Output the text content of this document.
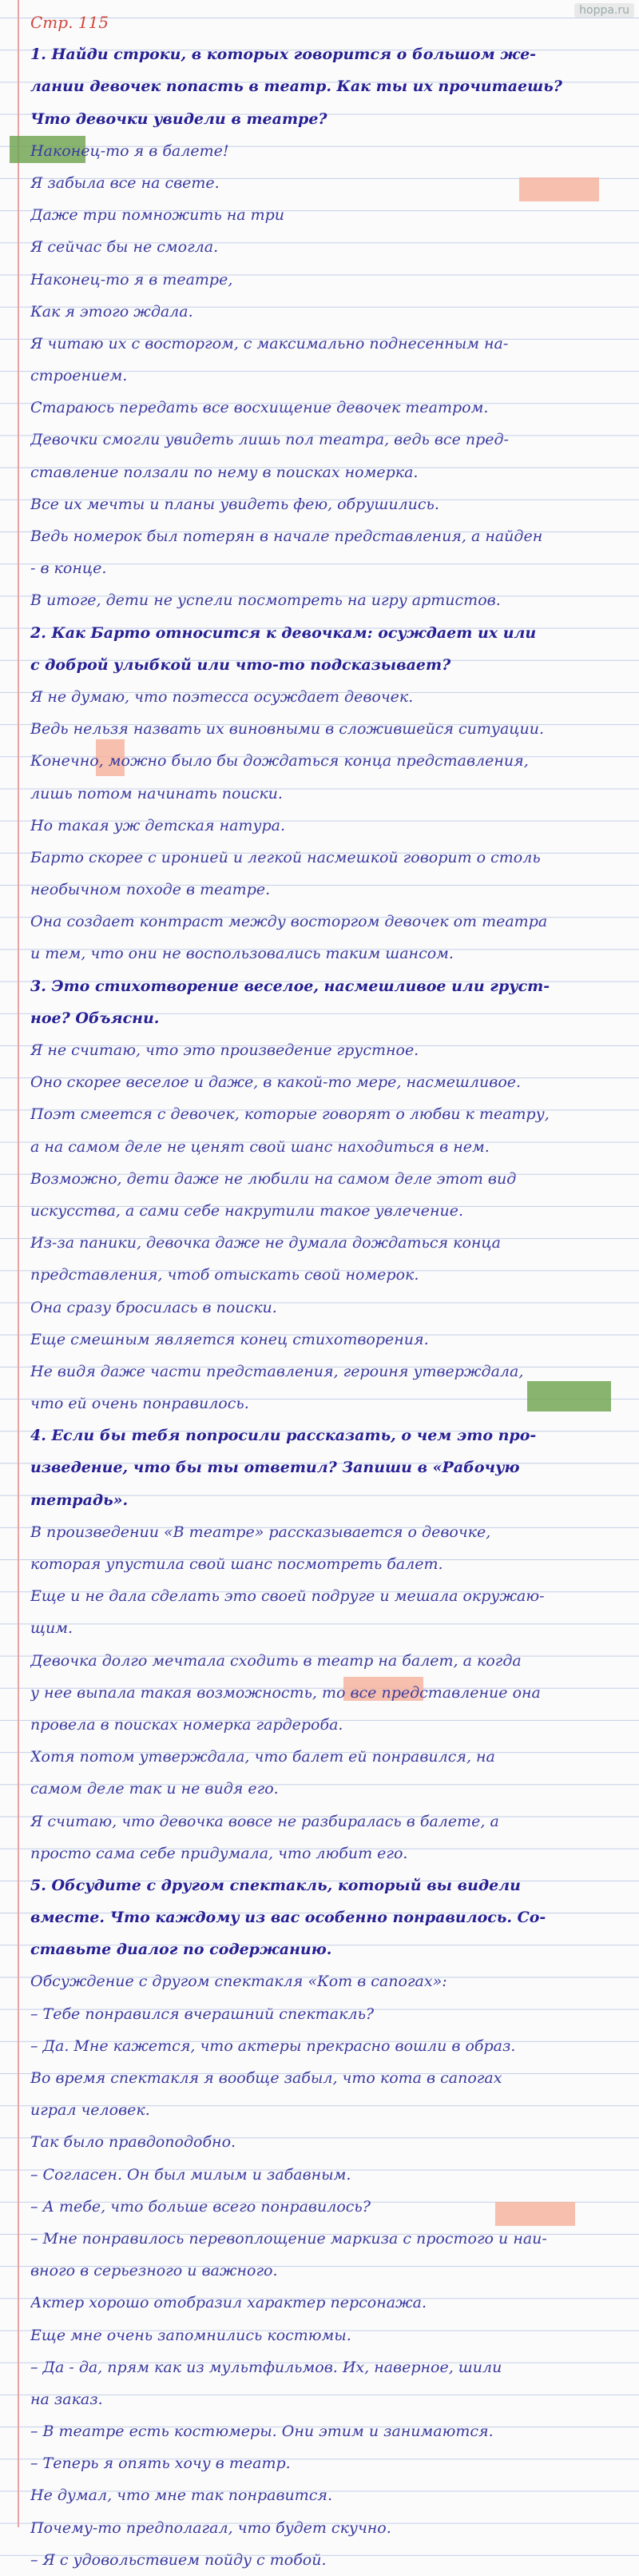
hoppa.ru
Стр. 115
1. Найди строки, в которых говорится о большом же-
лании девочек попасть в театр. Как ты их прочитаешь?
Что девочки увидели в театре?
Наконец-то я в балете!
Я забыла все на свете.
Даже три помножить на три
Я сейчас бы не смогла.
Наконец-то я в театре,
Как я этого ждала.
Я читаю их с восторгом, с максимально поднесенным на-
строением.
Стараюсь передать все восхищение девочек театром.
Девочки смогли увидеть лишь пол театра, ведь все пред-
ставление ползали по нему в поисках номерка.
Все их мечты и планы увидеть фею, обрушились.
Ведь номерок был потерян в начале представления, а найден
- в конце.
В итоге, дети не успели посмотреть на игру артистов.
2. Как Барто относится к девочкам: осуждает их или
с доброй улыбкой или что-то подсказывает?
Я не думаю, что поэтесса осуждает девочек.
Ведь нельзя назвать их виновными в сложившейся ситуации.
Конечно, можно было бы дождаться конца представления,
лишь потом начинать поиски.
Но такая уж детская натура.
Барто скорее с иронией и легкой насмешкой говорит о столь
необычном походе в театре.
Она создает контраст между восторгом девочек от театра
и тем, что они не воспользовались таким шансом.
3. Это стихотворение веселое, насмешливое или груст-
ное? Объясни.
Я не считаю, что это произведение грустное.
Оно скорее веселое и даже, в какой-то мере, насмешливое.
Поэт смеется с девочек, которые говорят о любви к театру,
а на самом деле не ценят свой шанс находиться в нем.
Возможно, дети даже не любили на самом деле этот вид
искусства, а сами себе накрутили такое увлечение.
Из-за паники, девочка даже не думала дождаться конца
представления, чтоб отыскать свой номерок.
Она сразу бросилась в поиски.
Еще смешным является конец стихотворения.
Не видя даже части представления, героиня утверждала,
что ей очень понравилось.
4. Если бы тебя попросили рассказать, о чем это про-
изведение, что бы ты ответил? Запиши в «Рабочую
тетрадь».
В произведении «В театре» рассказывается о девочке,
которая упустила свой шанс посмотреть балет.
Еще и не дала сделать это своей подруге и мешала окружаю-
щим.
Девочка долго мечтала сходить в театр на балет, а когда
у нее выпала такая возможность, то все представление она
провела в поисках номерка гардероба.
Хотя потом утверждала, что балет ей понравился, на
самом деле так и не видя его.
Я считаю, что девочка вовсе не разбиралась в балете, а
просто сама себе придумала, что любит его.
5. Обсудите с другом спектакль, который вы видели
вместе. Что каждому из вас особенно понравилось. Со-
ставьте диалог по содержанию.
Обсуждение с другом спектакля «Кот в сапогах»:
– Тебе понравился вчерашний спектакль?
– Да. Мне кажется, что актеры прекрасно вошли в образ.
Во время спектакля я вообще забыл, что кота в сапогах
играл человек.
Так было правдоподобно.
– Согласен. Он был милым и забавным.
– А тебе, что больше всего понравилось?
– Мне понравилось перевоплощение маркиза с простого и наи-
вного в серьезного и важного.
Актер хорошо отобразил характер персонажа.
Еще мне очень запомнились костюмы.
– Да - да, прям как из мультфильмов. Их, наверное, шили
на заказ.
– В театре есть костюмеры. Они этим и занимаются.
– Теперь я опять хочу в театр.
Не думал, что мне так понравится.
Почему-то предполагал, что будет скучно.
– Я с удовольствием пойду с тобой.
